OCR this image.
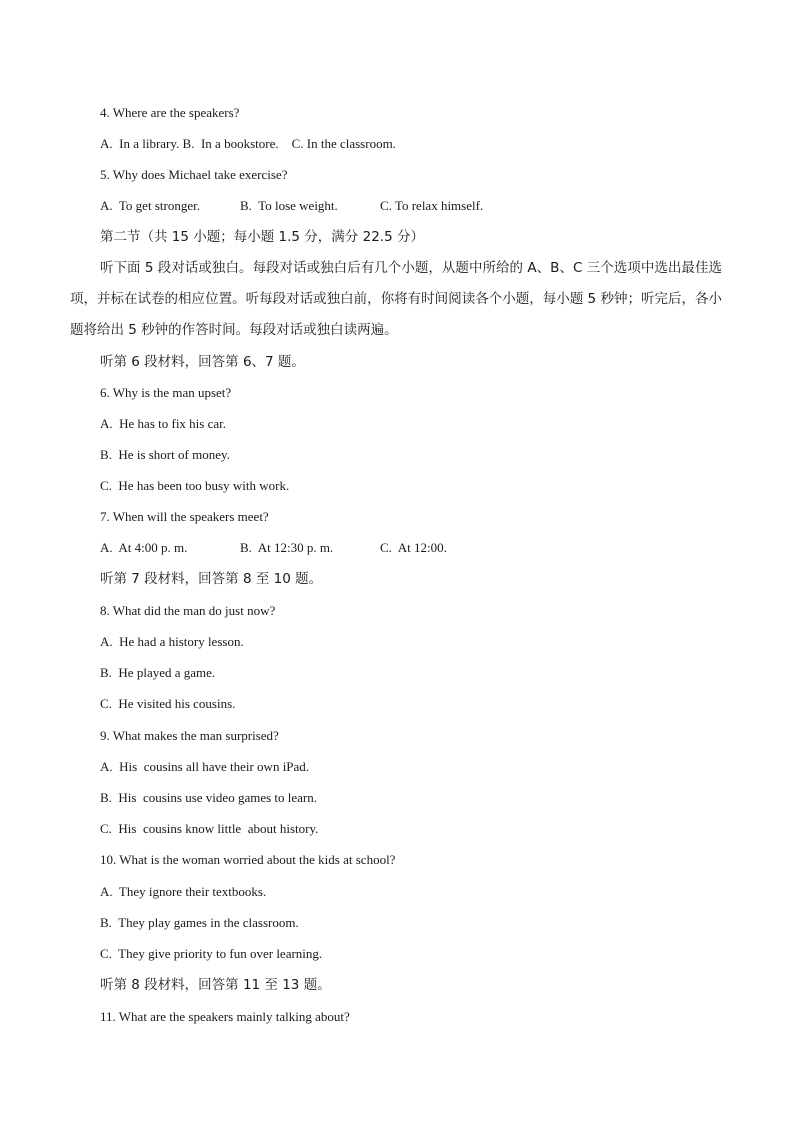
4. Where are the speakers?
A.  In a library. B.  In a bookstore.    C. In the classroom.
5. Why does Michael take exercise?
A.  To get stronger.	B.  To lose weight.	C. To relax himself.
第二节（共 15 小题；每小题 1.5 分，满分 22.5 分）
听下面 5 段对话或独白。每段对话或独白后有几个小题，从题中所给的 A、B、C 三个选项中选出最佳选项，并标在试卷的相应位置。听每段对话或独白前，你将有时间阅读各个小题，每小题 5 秒钟；听完后，各小题将给出 5 秒钟的作答时间。每段对话或独白读两遍。
听第 6 段材料，回答第 6、7 题。
6. Why is the man upset?
A.  He has to fix his car.
B.  He is short of money.
C.  He has been too busy with work.
7. When will the speakers meet?
A.  At 4:00 p. m.	B.  At 12:30 p. m.	C.  At 12:00.
听第 7 段材料，回答第 8 至 10 题。
8. What did the man do just now?
A.  He had a history lesson.
B.  He played a game.
C.  He visited his cousins.
9. What makes the man surprised?
A.  His  cousins all have their own iPad.
B.  His  cousins use video games to learn.
C.  His  cousins know little  about history.
10. What is the woman worried about the kids at school?
A.  They ignore their textbooks.
B.  They play games in the classroom.
C.  They give priority to fun over learning.
听第 8 段材料，回答第 11 至 13 题。
11. What are the speakers mainly talking about?
